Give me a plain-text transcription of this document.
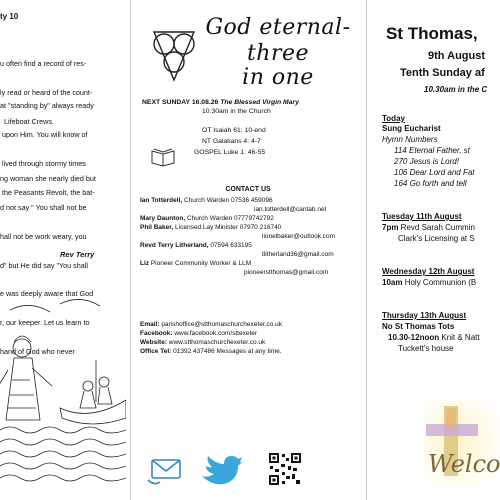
ty 10

u often find a record of res-

ly read or heard of the count-

Lifeboat Crews.

at "standing by" always ready

upon Him. You will know of

lived through stormy times

the Peasants Revolt, the bat-

ng woman she nearly died but

d not say " You shall not be

hall not be work weary, you

d" but He did say "You shall

e was deeply aware that God

r, our keeper. Let us learn to

hand of God who never

Rev Terry
God eternal-
three
in one
NEXT SUNDAY 16.08.26 The Blessed Virgin Mary
10.30am in the Church
OT Isaiah 61: 10-end
NT Galatians 4: 4-7
GOSPEL Luke 1: 46-55
CONTACT US
Ian Totterdell, Church Warden 07536 459096
ian.totterdell@cantab.net
Mary Daunton, Church Warden 07779742792
Phil Baker, Licensed Lay Minister 07970 216740
lionelbaker@outlook.com
Revd Terry Litherland, 07594 633195
tlitherland36@gmail.com
Liz Pioneer Community Worker & LLM
pioneerstthomas@gmail.com
Email: parishoffice@stthomaschurchexeter.co.uk
Facebook: www.facebook.com/sttexeter
Website: www.stthomaschurchexeter.co.uk
Office Tel: 01392 437486 Messages at any time.
St Thomas,
9th August
Tenth Sunday af
10.30am in the C
Today
Sung Eucharist
Hymn Numbers
114 Eternal Father, st
270 Jesus is Lord!
106 Dear Lord and Fat
164 Go forth and tell
Tuesday 11th August
7pm Revd Sarah Cummin
Clark's Licensing at S
Wednesday 12th August
10am Holy Communion (B
Thursday 13th August
No St Thomas Tots
10.30-12noon Knit & Natt
Tuckett's house
Welco
